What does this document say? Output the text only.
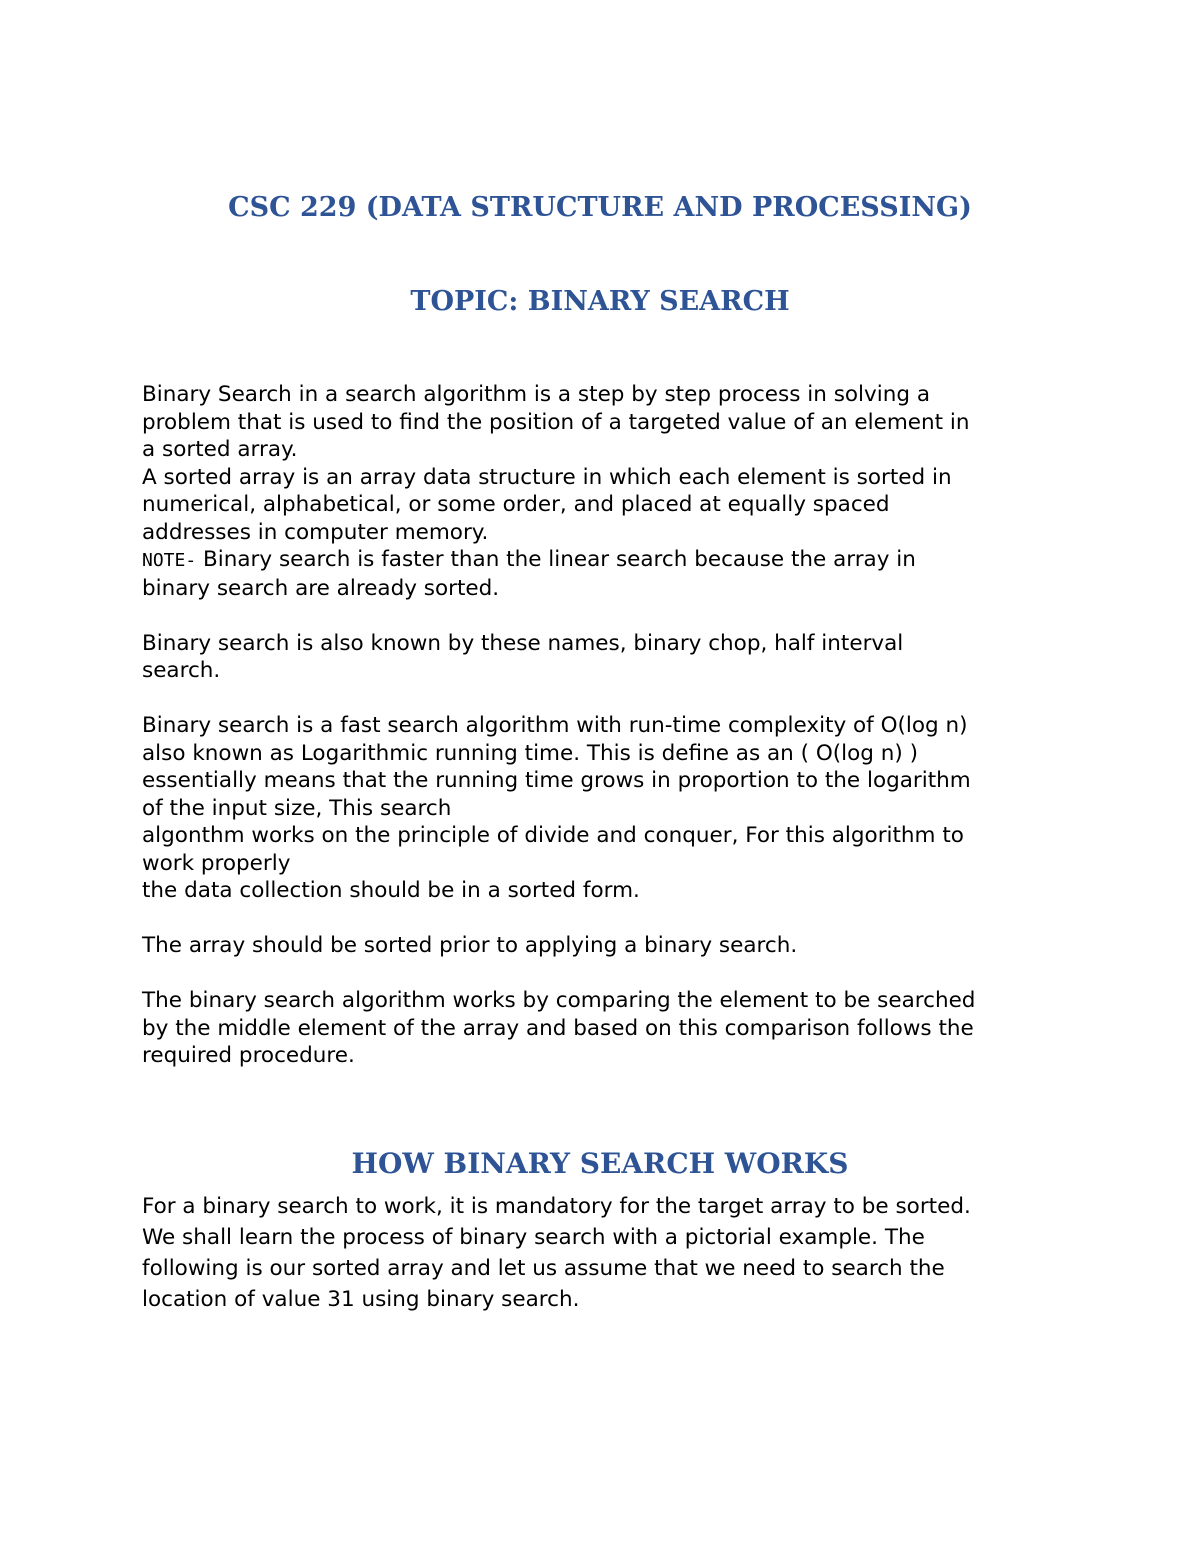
CSC 229 (DATA STRUCTURE AND PROCESSING)
TOPIC: BINARY SEARCH

Binary Search in a search algorithm is a step by step process in solving a

problem that is used to find the position of a targeted value of an element in

a sorted array.

A sorted array is an array data structure in which each element is sorted in

numerical, alphabetical, or some order, and placed at equally spaced

addresses in computer memory.

NOTE- Binary search is faster than the linear search because the array in

binary search are already sorted.

Binary search is also known by these names, binary chop, half interval

search.

Binary search is a fast search algorithm with run-time complexity of O(log n)

also known as Logarithmic running time. This is define as an ( O(log n) )

essentially means that the running time grows in proportion to the logarithm

of the input size, This search

algonthm works on the principle of divide and conquer, For this algorithm to

work properly

the data collection should be in a sorted form.

The array should be sorted prior to applying a binary search.

The binary search algorithm works by comparing the element to be searched

by the middle element of the array and based on this comparison follows the

required procedure.

HOW BINARY SEARCH WORKS

For a binary search to work, it is mandatory for the target array to be sorted.

We shall learn the process of binary search with a pictorial example. The

following is our sorted array and let us assume that we need to search the

location of value 31 using binary search.
